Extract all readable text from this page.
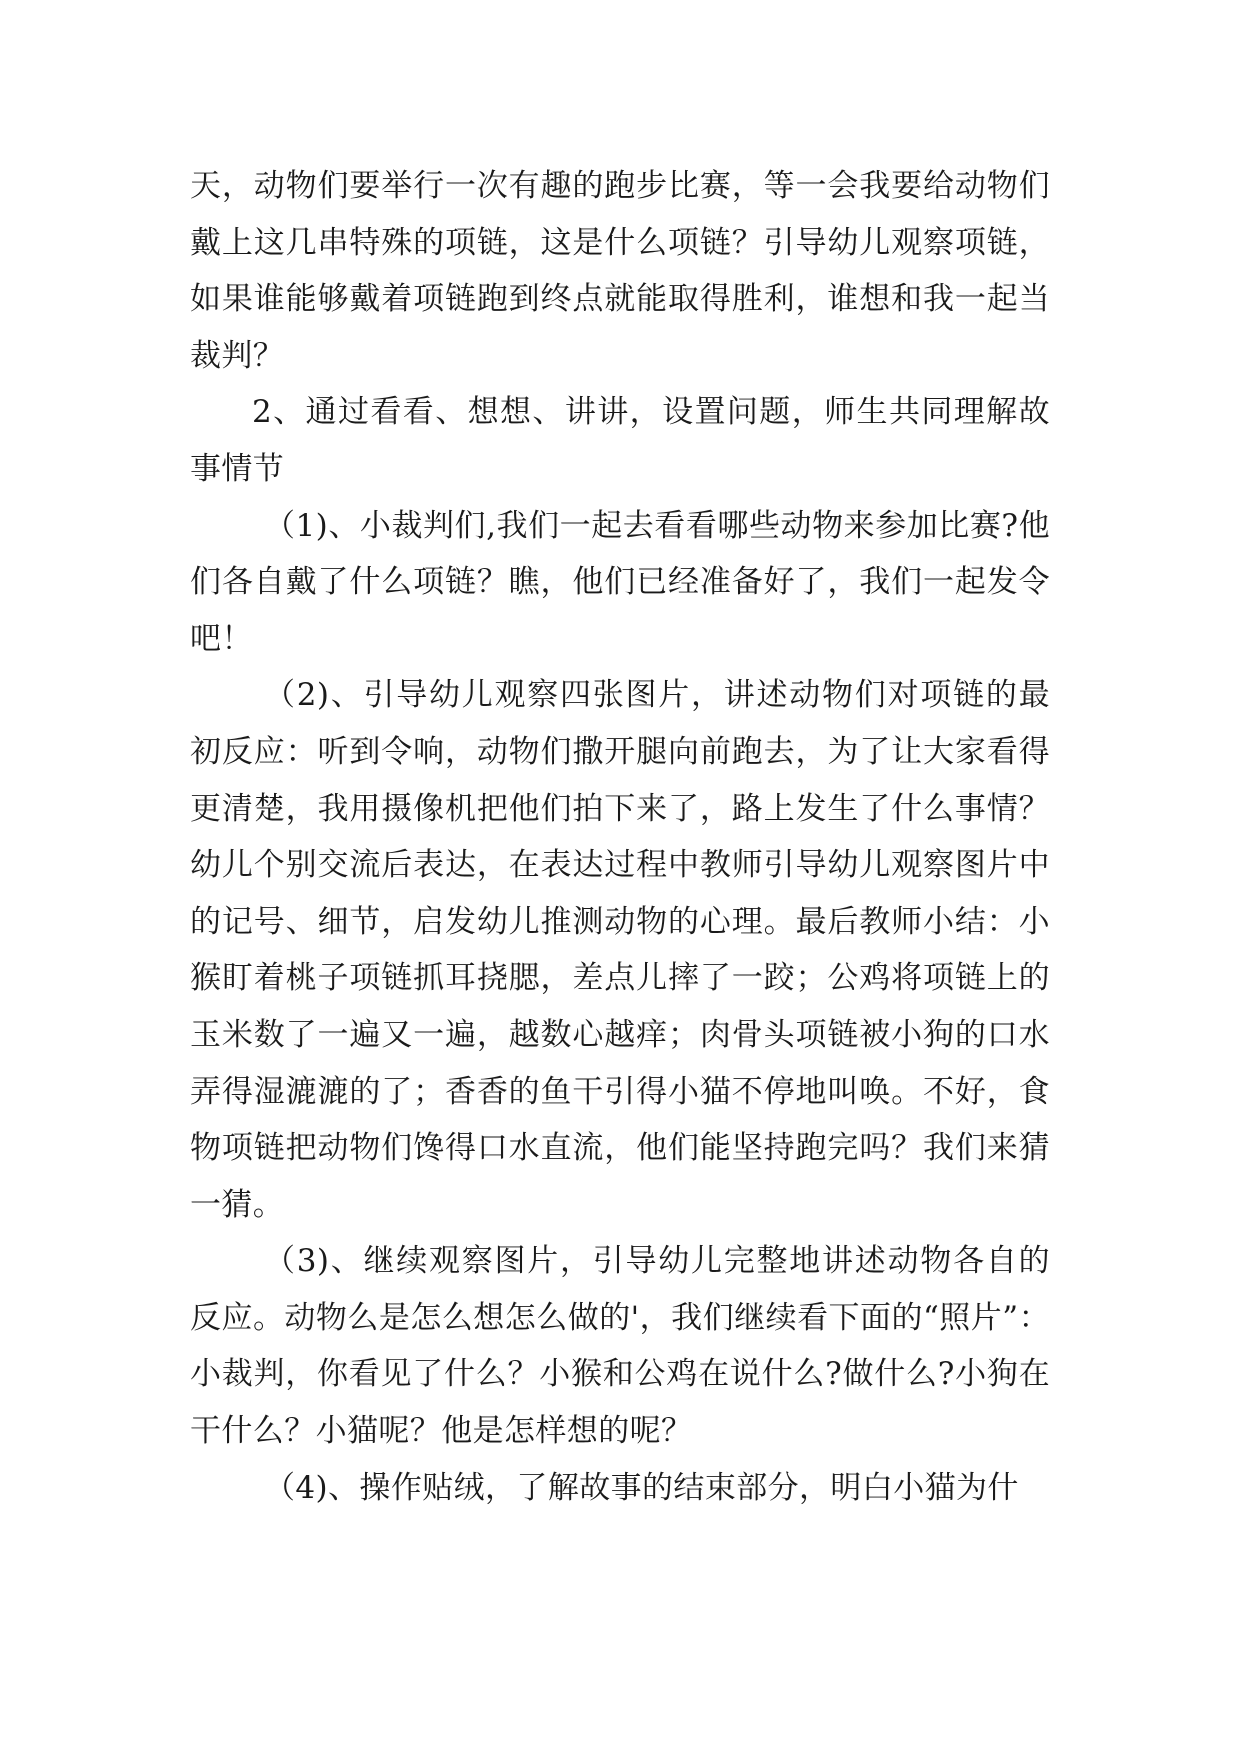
天，动物们要举行一次有趣的跑步比赛，等一会我要给动物们戴上这几串特殊的项链，这是什么项链？引导幼儿观察项链，如果谁能够戴着项链跑到终点就能取得胜利，谁想和我一起当裁判？

2、通过看看、想想、讲讲，设置问题，师生共同理解故事情节

（1)、小裁判们,我们一起去看看哪些动物来参加比赛?他们各自戴了什么项链？瞧，他们已经准备好了，我们一起发令吧！

（2)、引导幼儿观察四张图片，讲述动物们对项链的最初反应：听到令响，动物们撒开腿向前跑去，为了让大家看得更清楚，我用摄像机把他们拍下来了，路上发生了什么事情？幼儿个别交流后表达，在表达过程中教师引导幼儿观察图片中的记号、细节，启发幼儿推测动物的心理。最后教师小结：小猴盯着桃子项链抓耳挠腮，差点儿摔了一跤；公鸡将项链上的玉米数了一遍又一遍，越数心越痒；肉骨头项链被小狗的口水弄得湿漉漉的了；香香的鱼干引得小猫不停地叫唤。不好，食物项链把动物们馋得口水直流，他们能坚持跑完吗？我们来猜一猜。

（3)、继续观察图片，引导幼儿完整地讲述动物各自的反应。动物么是怎么想怎么做的'，我们继续看下面的“照片”：小裁判，你看见了什么？小猴和公鸡在说什么?做什么?小狗在干什么？小猫呢？他是怎样想的呢？

（4)、操作贴绒，了解故事的结束部分，明白小猫为什
